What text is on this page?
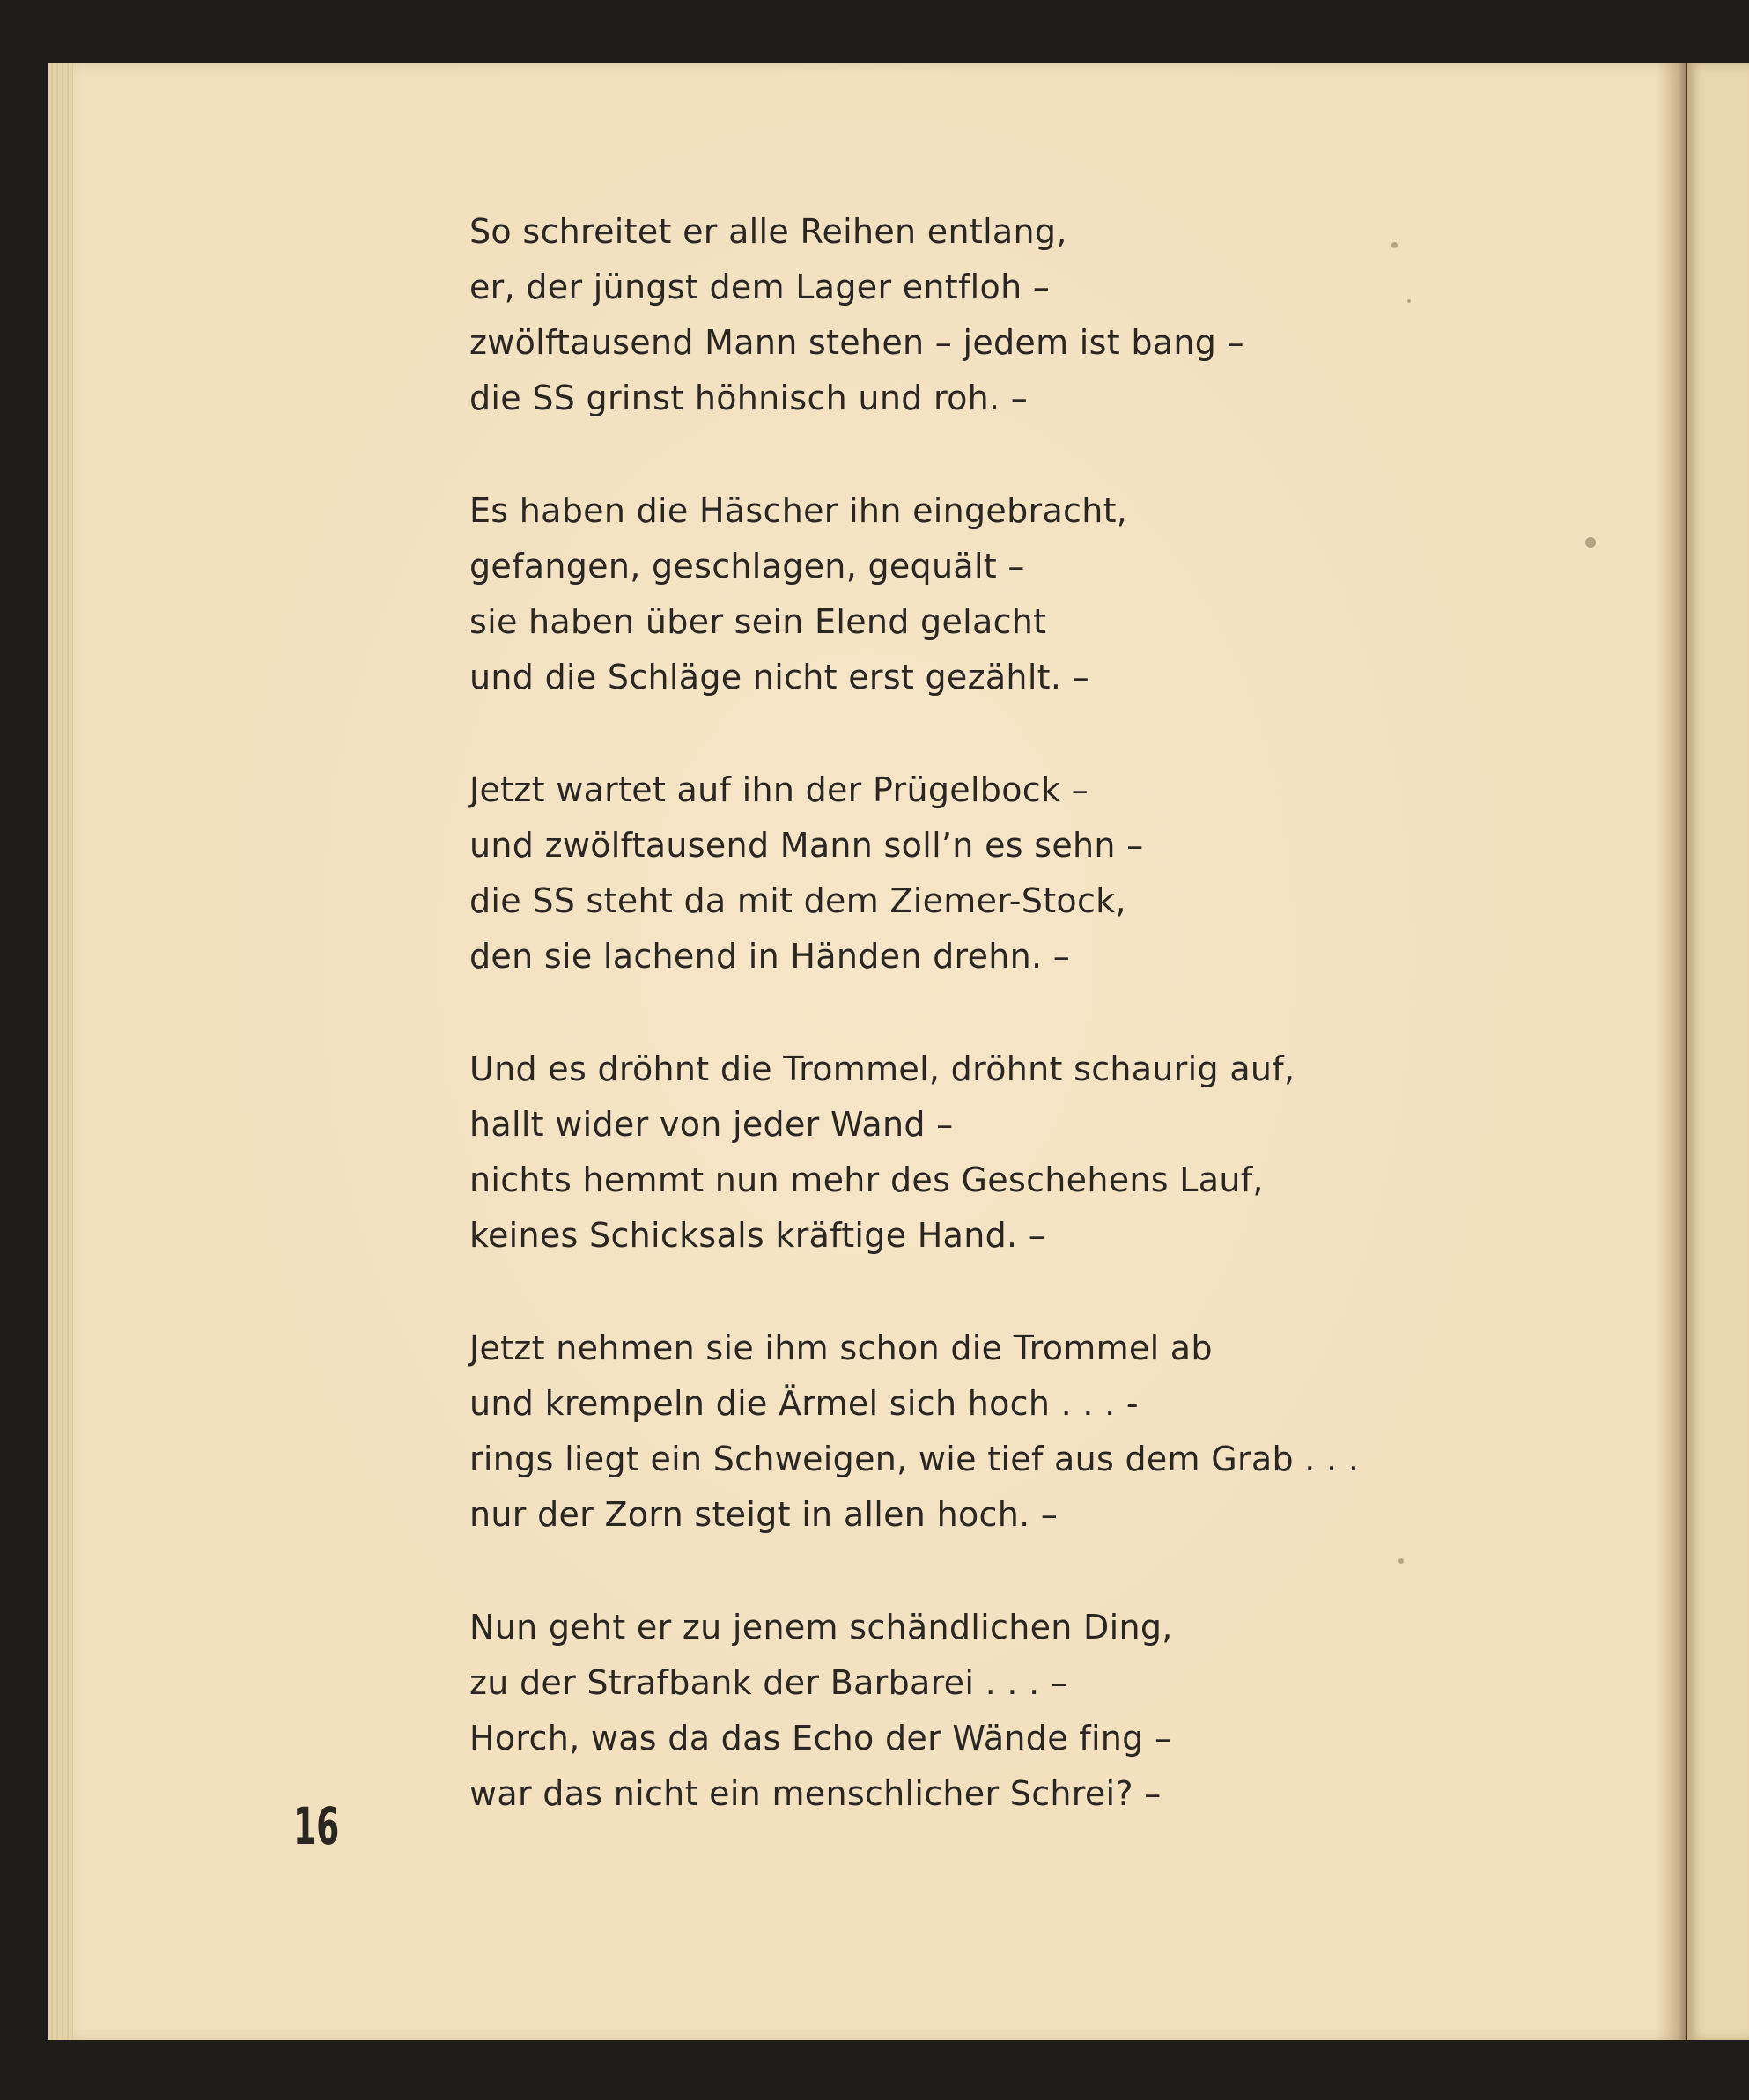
So schreitet er alle Reihen entlang,
er, der jüngst dem Lager entfloh –
zwölftausend Mann stehen – jedem ist bang –
die SS grinst höhnisch und roh. –
Es haben die Häscher ihn eingebracht,
gefangen, geschlagen, gequält –
sie haben über sein Elend gelacht
und die Schläge nicht erst gezählt. –
Jetzt wartet auf ihn der Prügelbock –
und zwölftausend Mann soll’n es sehn –
die SS steht da mit dem Ziemer-Stock,
den sie lachend in Händen drehn. –
Und es dröhnt die Trommel, dröhnt schaurig auf,
hallt wider von jeder Wand –
nichts hemmt nun mehr des Geschehens Lauf,
keines Schicksals kräftige Hand. –
Jetzt nehmen sie ihm schon die Trommel ab
und krempeln die Ärmel sich hoch . . . -
rings liegt ein Schweigen, wie tief aus dem Grab . . .
nur der Zorn steigt in allen hoch. –
Nun geht er zu jenem schändlichen Ding,
zu der Strafbank der Barbarei . . . –
Horch, was da das Echo der Wände fing –
war das nicht ein menschlicher Schrei? –
16
